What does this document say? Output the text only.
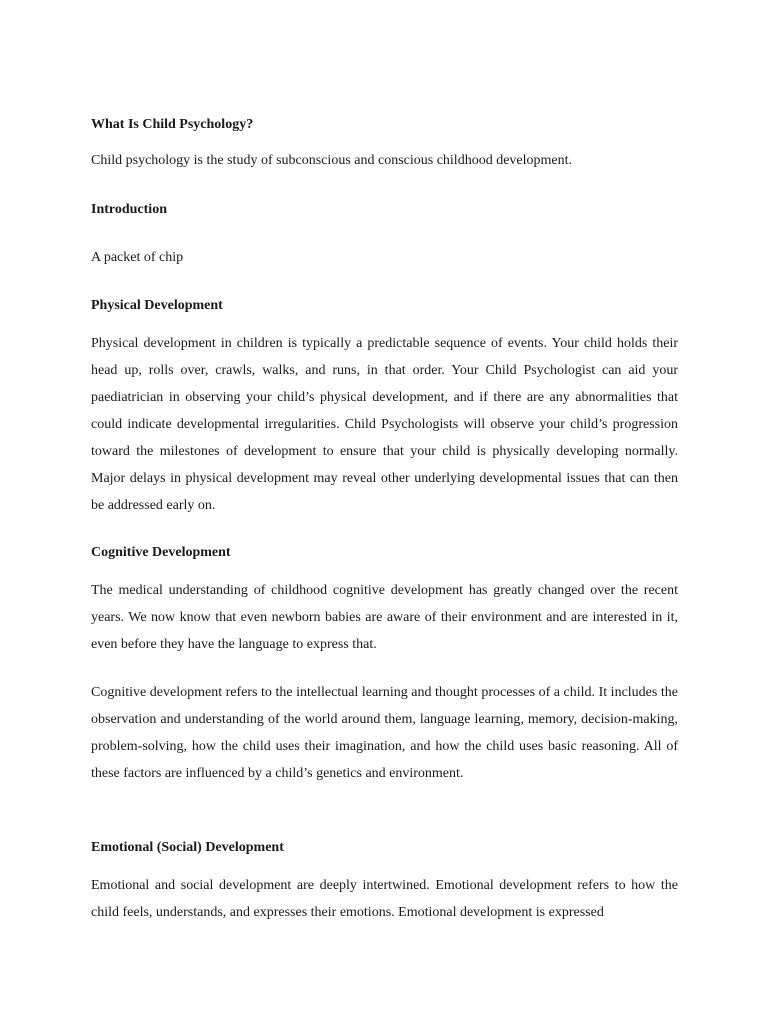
What Is Child Psychology?

Child psychology is the study of subconscious and conscious childhood development.

Introduction

A packet of chip

Physical Development

Physical development in children is typically a predictable sequence of events. Your child holds their head up, rolls over, crawls, walks, and runs, in that order. Your Child Psychologist can aid your paediatrician in observing your child’s physical development, and if there are any abnormalities that could indicate developmental irregularities. Child Psychologists will observe your child’s progression toward the milestones of development to ensure that your child is physically developing normally. Major delays in physical development may reveal other underlying developmental issues that can then be addressed early on.

Cognitive Development

The medical understanding of childhood cognitive development has greatly changed over the recent years. We now know that even newborn babies are aware of their environment and are interested in it, even before they have the language to express that.

Cognitive development refers to the intellectual learning and thought processes of a child. It includes the observation and understanding of the world around them, language learning, memory, decision-making, problem-solving, how the child uses their imagination, and how the child uses basic reasoning. All of these factors are influenced by a child’s genetics and environment.

Emotional (Social) Development

Emotional and social development are deeply intertwined. Emotional development refers to how the child feels, understands, and expresses their emotions. Emotional development is expressed
